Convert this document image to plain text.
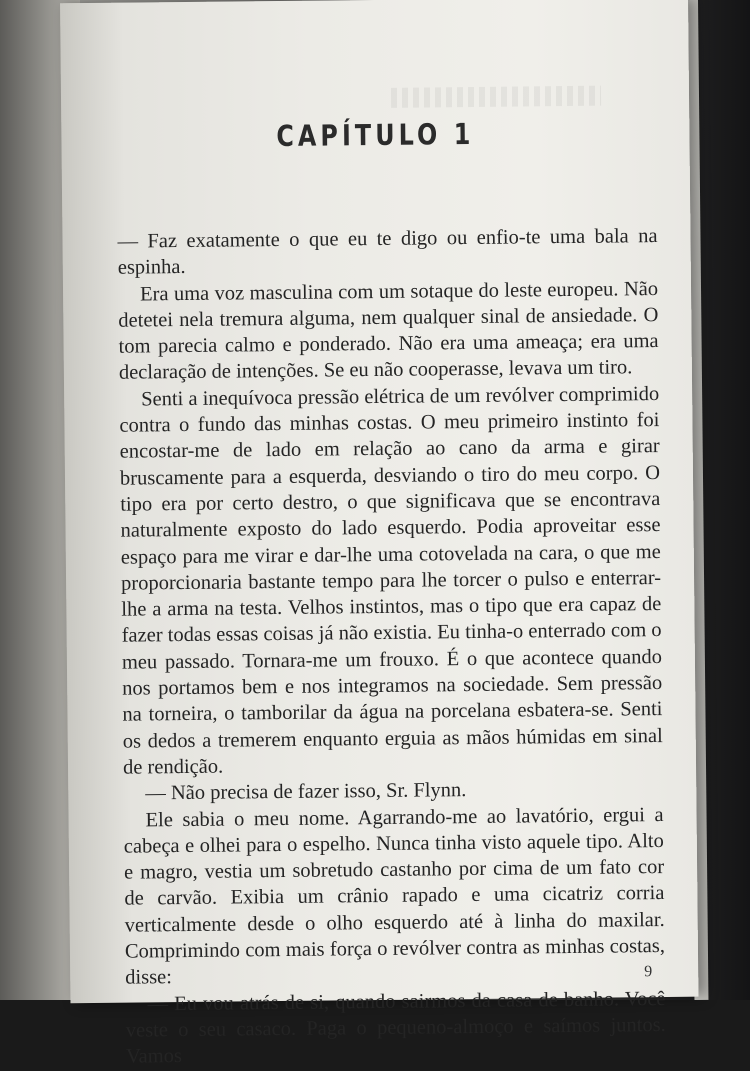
CAPÍTULO 1

— Faz exatamente o que eu te digo ou enfio-te uma bala na espinha.

Era uma voz masculina com um sotaque do leste europeu. Não detetei nela tremura alguma, nem qualquer sinal de ansiedade. O tom parecia calmo e ponderado. Não era uma ameaça; era uma declaração de intenções. Se eu não cooperasse, levava um tiro.

Senti a inequívoca pressão elétrica de um revólver comprimido contra o fundo das minhas costas. O meu primeiro instinto foi encostar-me de lado em relação ao cano da arma e girar bruscamente para a esquerda, desviando o tiro do meu corpo. O tipo era por certo destro, o que significava que se encontrava naturalmente exposto do lado esquerdo. Podia aproveitar esse espaço para me virar e dar-lhe uma cotovelada na cara, o que me proporcionaria bastante tempo para lhe torcer o pulso e enterrar-lhe a arma na testa. Velhos instintos, mas o tipo que era capaz de fazer todas essas coisas já não existia. Eu tinha-o enterrado com o meu passado. Tornara-me um frouxo. É o que acontece quando nos portamos bem e nos integramos na sociedade. Sem pressão na torneira, o tamborilar da água na porcelana esbatera-se. Senti os dedos a tremerem enquanto erguia as mãos húmidas em sinal de rendição.

— Não precisa de fazer isso, Sr. Flynn.

Ele sabia o meu nome. Agarrando-me ao lavatório, ergui a cabeça e olhei para o espelho. Nunca tinha visto aquele tipo. Alto e magro, vestia um sobretudo castanho por cima de um fato cor de carvão. Exibia um crânio rapado e uma cicatriz corria verticalmente desde o olho esquerdo até à linha do maxilar. Comprimindo com mais força o revólver contra as minhas costas, disse:

— Eu vou atrás de si, quando sairmos da casa de banho. Você veste o seu casaco. Paga o pequeno-almoço e saímos juntos. Vamos

9
